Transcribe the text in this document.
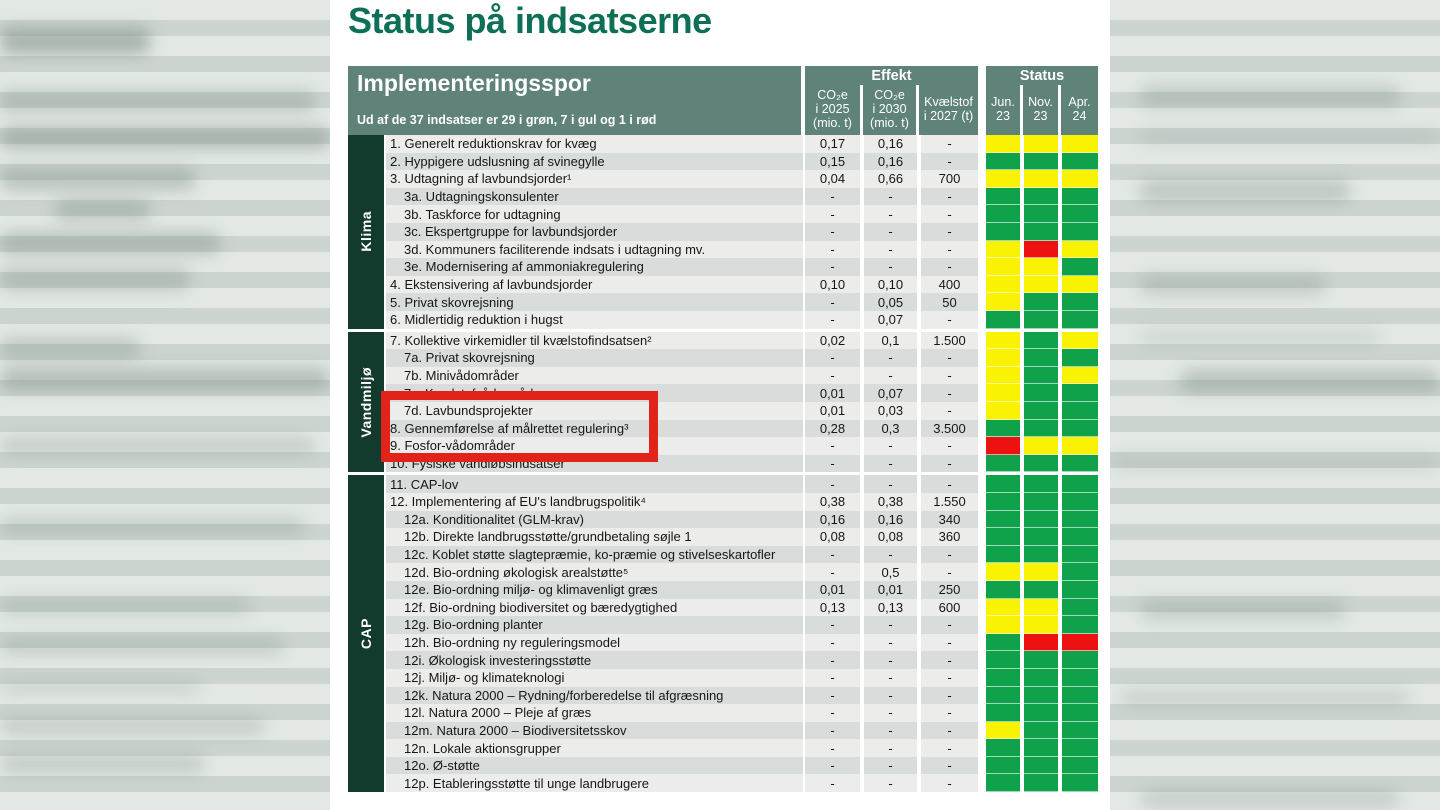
Status på indsatserne
Implementeringsspor
Ud af de 37 indsatser er 29 i grøn, 7 i gul og 1 i rød
Effekt
CO₂e
i 2025
(mio. t)
CO₂e
i 2030
(mio. t)
Kvælstof
i 2027 (t)
Status
Jun.
23
Nov.
23
Apr.
24
Klima
1. Generelt reduktionskrav for kvæg	0,17	0,16	-
2. Hyppigere udslusning af svinegylle	0,15	0,16	-
3. Udtagning af lavbundsjorder¹	0,04	0,66	700
3a. Udtagningskonsulenter	-	-	-
3b. Taskforce for udtagning	-	-	-
3c. Ekspertgruppe for lavbundsjorder	-	-	-
3d. Kommuners faciliterende indsats i udtagning mv.	-	-	-
3e. Modernisering af ammoniakregulering	-	-	-
4. Ekstensivering af lavbundsjorder	0,10	0,10	400
5. Privat skovrejsning	-	0,05	50
6. Midlertidig reduktion i hugst	-	0,07	-
Vandmiljø
7. Kollektive virkemidler til kvælstofindsatsen²	0,02	0,1	1.500
7a. Privat skovrejsning	-	-	-
7b. Minivådområder	-	-	-
7c. Kvælstofvådområder	0,01	0,07	-
7d. Lavbundsprojekter	0,01	0,03	-
8. Gennemførelse af målrettet regulering³	0,28	0,3	3.500
9. Fosfor-vådområder	-	-	-
10. Fysiske vandløbsindsatser	-	-	-
CAP
11. CAP-lov	-	-	-
12. Implementering af EU's landbrugspolitik⁴	0,38	0,38	1.550
12a. Konditionalitet (GLM-krav)	0,16	0,16	340
12b. Direkte landbrugsstøtte/grundbetaling søjle 1	0,08	0,08	360
12c. Koblet støtte slagtepræmie, ko-præmie og stivelseskartofler	-	-	-
12d. Bio-ordning økologisk arealstøtte⁵	-	0,5	-
12e. Bio-ordning miljø- og klimavenligt græs	0,01	0,01	250
12f. Bio-ordning biodiversitet og bæredygtighed	0,13	0,13	600
12g. Bio-ordning planter	-	-	-
12h. Bio-ordning ny reguleringsmodel	-	-	-
12i. Økologisk investeringsstøtte	-	-	-
12j. Miljø- og klimateknologi	-	-	-
12k. Natura 2000 – Rydning/forberedelse til afgræsning	-	-	-
12l. Natura 2000 – Pleje af græs	-	-	-
12m. Natura 2000 – Biodiversitetsskov	-	-	-
12n. Lokale aktionsgrupper	-	-	-
12o. Ø-støtte	-	-	-
12p. Etableringsstøtte til unge landbrugere	-	-	-
